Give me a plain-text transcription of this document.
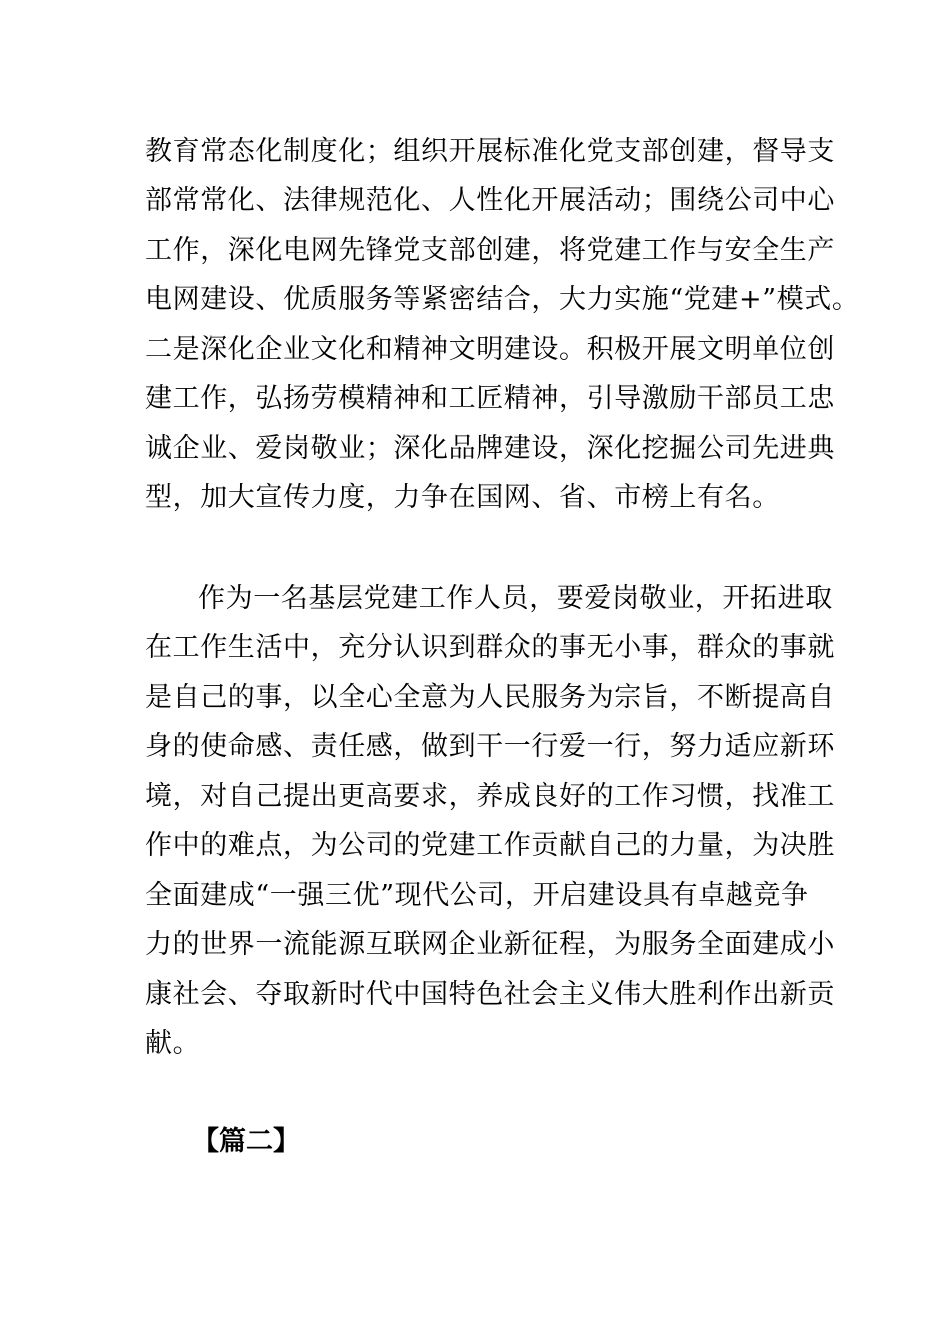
教育常态化制度化；组织开展标准化党支部创建，督导支
部常常化、法律规范化、人性化开展活动；围绕公司中心
工作，深化电网先锋党支部创建，将党建工作与安全生产
电网建设、优质服务等紧密结合，大力实施“党建+”模式。
二是深化企业文化和精神文明建设。积极开展文明单位创
建工作，弘扬劳模精神和工匠精神，引导激励干部员工忠
诚企业、爱岗敬业；深化品牌建设，深化挖掘公司先进典
型，加大宣传力度，力争在国网、省、市榜上有名。
作为一名基层党建工作人员，要爱岗敬业，开拓进取
在工作生活中，充分认识到群众的事无小事，群众的事就
是自己的事，以全心全意为人民服务为宗旨，不断提高自
身的使命感、责任感，做到干一行爱一行，努力适应新环
境，对自己提出更高要求，养成良好的工作习惯，找准工
作中的难点，为公司的党建工作贡献自己的力量，为决胜
全面建成“一强三优”现代公司，开启建设具有卓越竞争
力的世界一流能源互联网企业新征程，为服务全面建成小
康社会、夺取新时代中国特色社会主义伟大胜利作出新贡
献。
【篇二】
